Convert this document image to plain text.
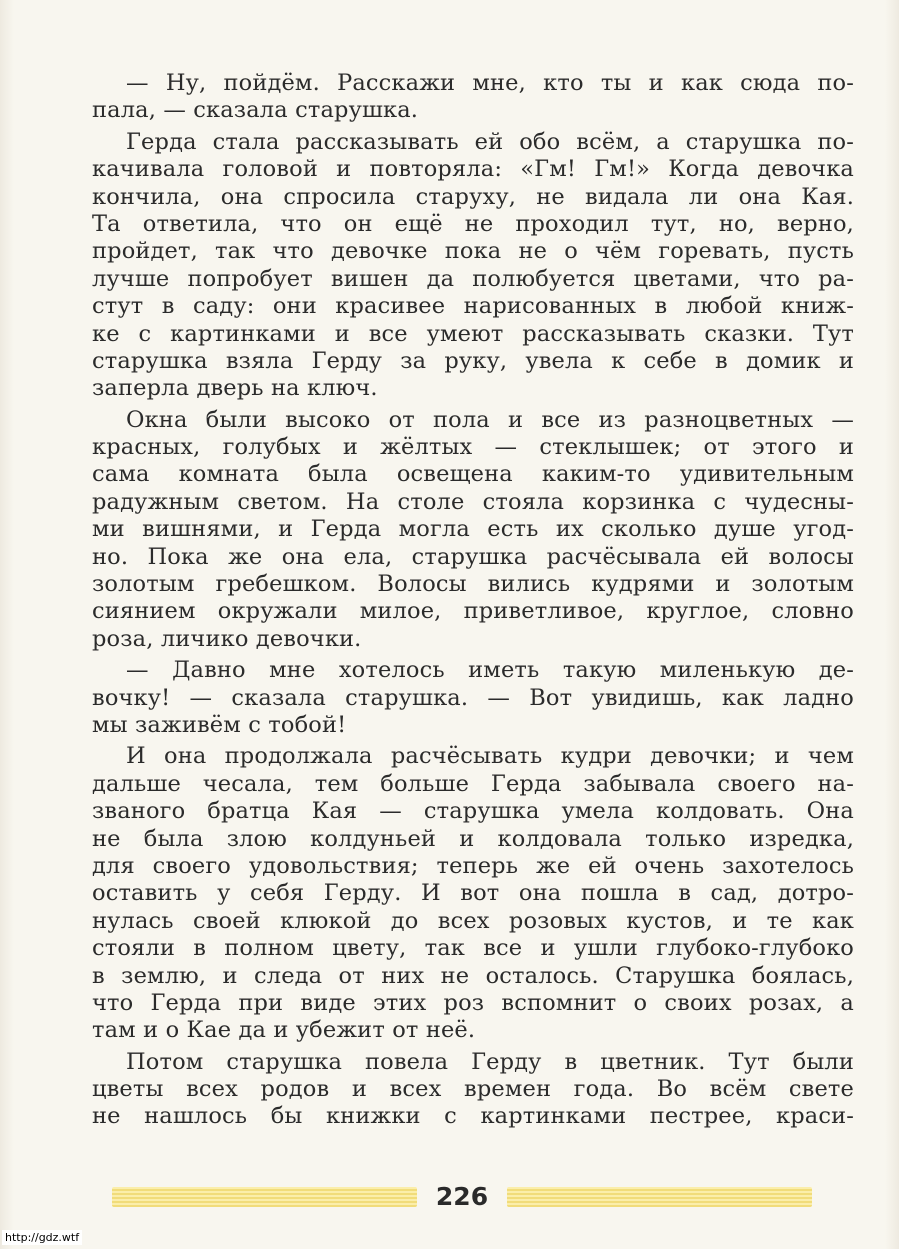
— Ну, пойдём. Расскажи мне, кто ты и как сюда по-
пала, — сказала старушка.
Герда стала рассказывать ей обо всём, а старушка по-
качивала головой и повторяла: «Гм! Гм!» Когда девочка
кончила, она спросила старуху, не видала ли она Кая.
Та ответила, что он ещё не проходил тут, но, верно,
пройдет, так что девочке пока не о чём горевать, пусть
лучше попробует вишен да полюбуется цветами, что ра-
стут в саду: они красивее нарисованных в любой книж-
ке с картинками и все умеют рассказывать сказки. Тут
старушка взяла Герду за руку, увела к себе в домик и
заперла дверь на ключ.
Окна были высоко от пола и все из разноцветных —
красных, голубых и жёлтых — стеклышек; от этого и
сама комната была освещена каким-то удивительным
радужным светом. На столе стояла корзинка с чудесны-
ми вишнями, и Герда могла есть их сколько душе угод-
но. Пока же она ела, старушка расчёсывала ей волосы
золотым гребешком. Волосы вились кудрями и золотым
сиянием окружали милое, приветливое, круглое, словно
роза, личико девочки.
— Давно мне хотелось иметь такую миленькую де-
вочку! — сказала старушка. — Вот увидишь, как ладно
мы заживём с тобой!
И она продолжала расчёсывать кудри девочки; и чем
дальше чесала, тем больше Герда забывала своего на-
званого братца Кая — старушка умела колдовать. Она
не была злою колдуньей и колдовала только изредка,
для своего удовольствия; теперь же ей очень захотелось
оставить у себя Герду. И вот она пошла в сад, дотро-
нулась своей клюкой до всех розовых кустов, и те как
стояли в полном цвету, так все и ушли глубоко-глубоко
в землю, и следа от них не осталось. Старушка боялась,
что Герда при виде этих роз вспомнит о своих розах, а
там и о Кае да и убежит от неё.
Потом старушка повела Герду в цветник. Тут были
цветы всех родов и всех времен года. Во всём свете
не нашлось бы книжки с картинками пестрее, краси-
226
http://gdz.wtf
